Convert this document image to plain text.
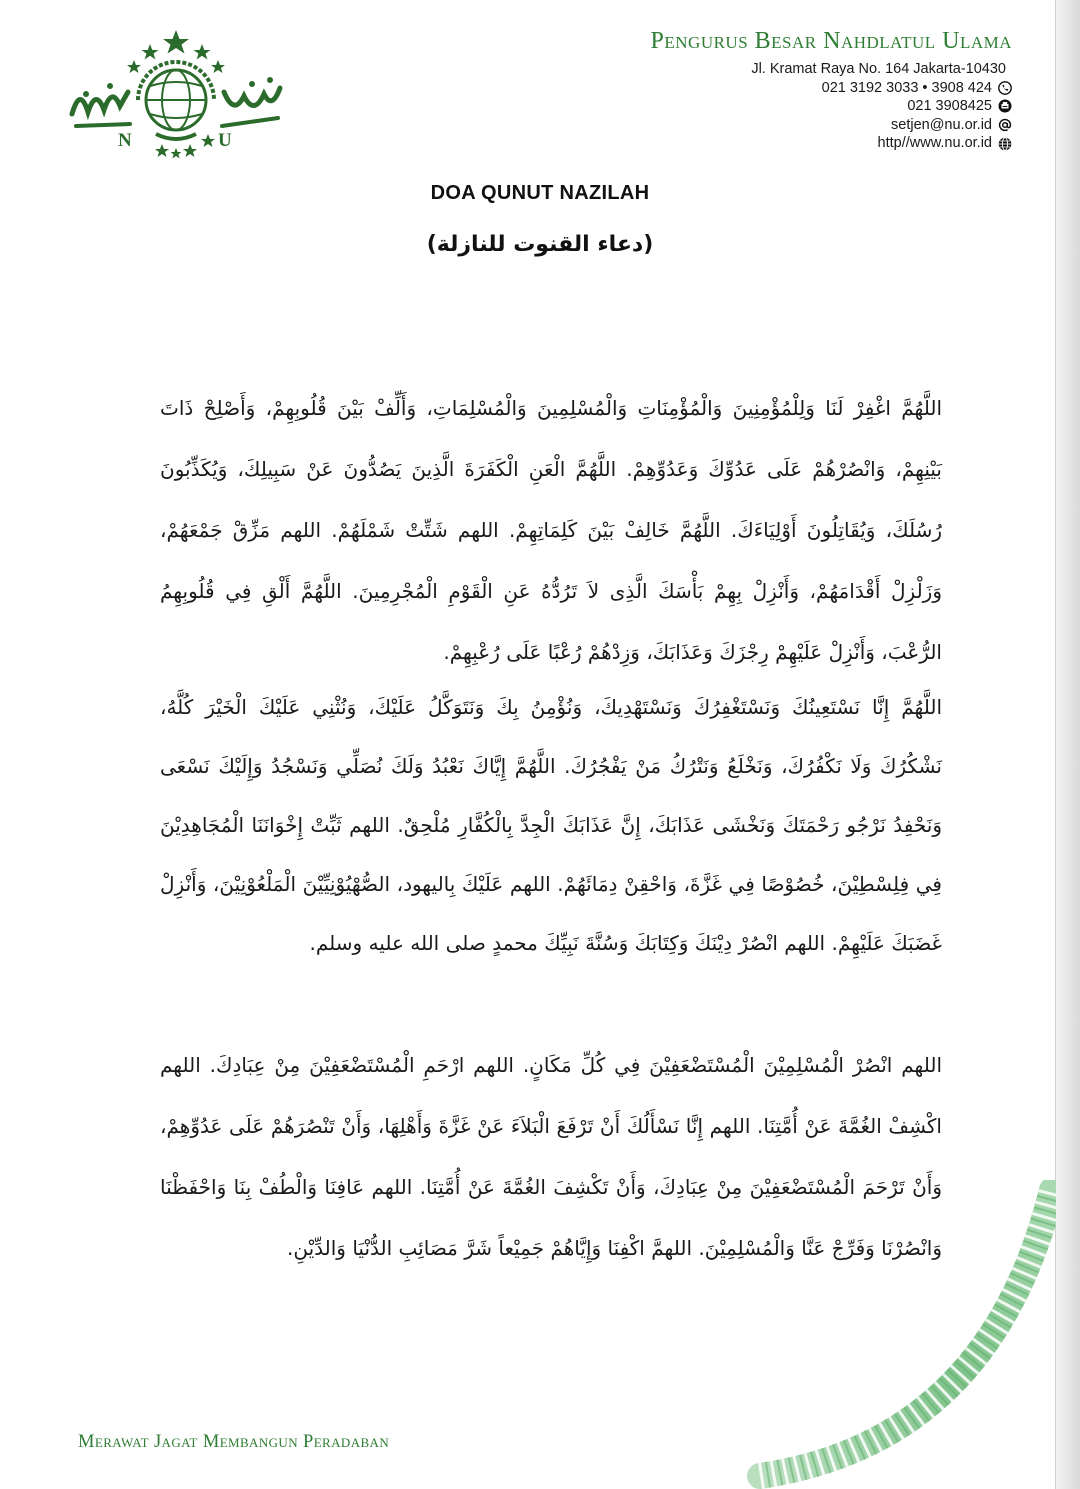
N	U
Pengurus Besar Nahdlatul Ulama
Jl. Kramat Raya No. 164 Jakarta-10430
021 3192 3033 • 3908 424
021 3908425
setjen@nu.or.id
http//www.nu.or.id
DOA QUNUT NAZILAH
(دعاء القنوت للنازلة)
اللَّهُمَّ اغْفِرْ لَنَا وَلِلْمُؤْمِنِينَ وَالْمُؤْمِنَاتِ وَالْمُسْلِمِينَ وَالْمُسْلِمَاتِ، وَأَلِّفْ بَيْنَ قُلُوبِهِمْ، وَأَصْلِحْ ذَاتَ بَيْنِهِمْ، وَانْصُرْهُمْ عَلَى عَدُوِّكَ وَعَدُوِّهِمْ. اللَّهُمَّ الْعَنِ الْكَفَرَةَ الَّذِينَ يَصُدُّونَ عَنْ سَبِيلِكَ، وَيُكَذِّبُونَ رُسُلَكَ، وَيُقَاتِلُونَ أَوْلِيَاءَكَ. اللَّهُمَّ خَالِفْ بَيْنَ كَلِمَاتِهِمْ. اللهم شَتِّتْ شَمْلَهُمْ. اللهم مَزِّقْ جَمْعَهُمْ، وَزَلْزِلْ أَقْدَامَهُمْ، وَأَنْزِلْ بِهِمْ بَأْسَكَ الَّذِى لاَ تَرُدُّهُ عَنِ الْقَوْمِ الْمُجْرِمِينَ. اللَّهُمَّ أَلْقِ فِي قُلُوبِهِمُ الرُّعْبَ، وَأَنْزِلْ عَلَيْهِمْ رِجْزَكَ وَعَذَابَكَ، وَزِدْهُمْ رُعْبًا عَلَى رُعْبِهِمْ.
اللَّهُمَّ إِنَّا نَسْتَعِينُكَ وَنَسْتَغْفِرُكَ وَنَسْتَهْدِيكَ، وَنُؤْمِنُ بِكَ وَنَتَوَكَّلُ عَلَيْكَ، وَنُثْنِي عَلَيْكَ الْخَيْرَ كُلَّهُ، نَشْكُرُكَ وَلَا نَكْفُرُكَ، وَنَخْلَعُ وَنَتْرُكُ مَنْ يَفْجُرُكَ. اللَّهُمَّ إِيَّاكَ نَعْبُدُ وَلَكَ نُصَلِّي وَنَسْجُدُ وَإِلَيْكَ نَسْعَى وَنَحْفِدُ نَرْجُو رَحْمَتَكَ وَنَخْشَى عَذَابَكَ، إِنَّ عَذَابَكَ الْجِدَّ بِالْكُفَّارِ مُلْحِقٌ. اللهم ثَبِّتْ إِخْوَانَنَا الْمُجَاهِدِيْنَ فِي فِلِسْطِيْنَ، خُصُوْصًا فِي غَزَّةَ، وَاحْقِنْ دِمَائَهُمْ. اللهم عَلَيْكَ بِاليهود، الصُّهْيُوْنِيِّيْنَ الْمَلْعُوْنِيْنَ، وَأَنْزِلْ غَضَبَكَ عَلَيْهِمْ. اللهم انْصُرْ دِيْنَكَ وَكِتَابَكَ وَسُنَّةَ نَبِيِّكَ محمدٍ صلى الله عليه وسلم.
اللهم انْصُرْ الْمُسْلِمِيْنَ الْمُسْتَضْعَفِيْنَ فِي كُلِّ مَكَانٍ. اللهم ارْحَمِ الْمُسْتَضْعَفِيْنَ مِنْ عِبَادِكَ. اللهم اكْشِفْ الغُمَّةَ عَنْ أُمَّتِنَا. اللهم إِنَّا نَسْأَلُكَ أَنْ تَرْفَعَ الْبَلاَءَ عَنْ غَزَّةَ وَأَهْلِهَا، وَأَنْ تَنْصُرَهُمْ عَلَى عَدُوِّهِمْ، وَأَنْ تَرْحَمَ الْمُسْتَضْعَفِيْنَ مِنْ عِبَادِكَ، وَأَنْ تَكْشِفَ الغُمَّةَ عَنْ أُمَّتِنَا. اللهم عَافِنَا وَالْطُفْ بِنَا وَاحْفَظْنَا وَانْصُرْنَا وَفَرِّجْ عَنَّا وَالْمُسْلِمِيْنَ. اللهمَّ اكْفِنَا وَإِيَّاهُمْ جَمِيْعاً شَرَّ مَصَائِبِ الدُّنْيَا وَالدِّيْنِ.
Merawat Jagat Membangun Peradaban
